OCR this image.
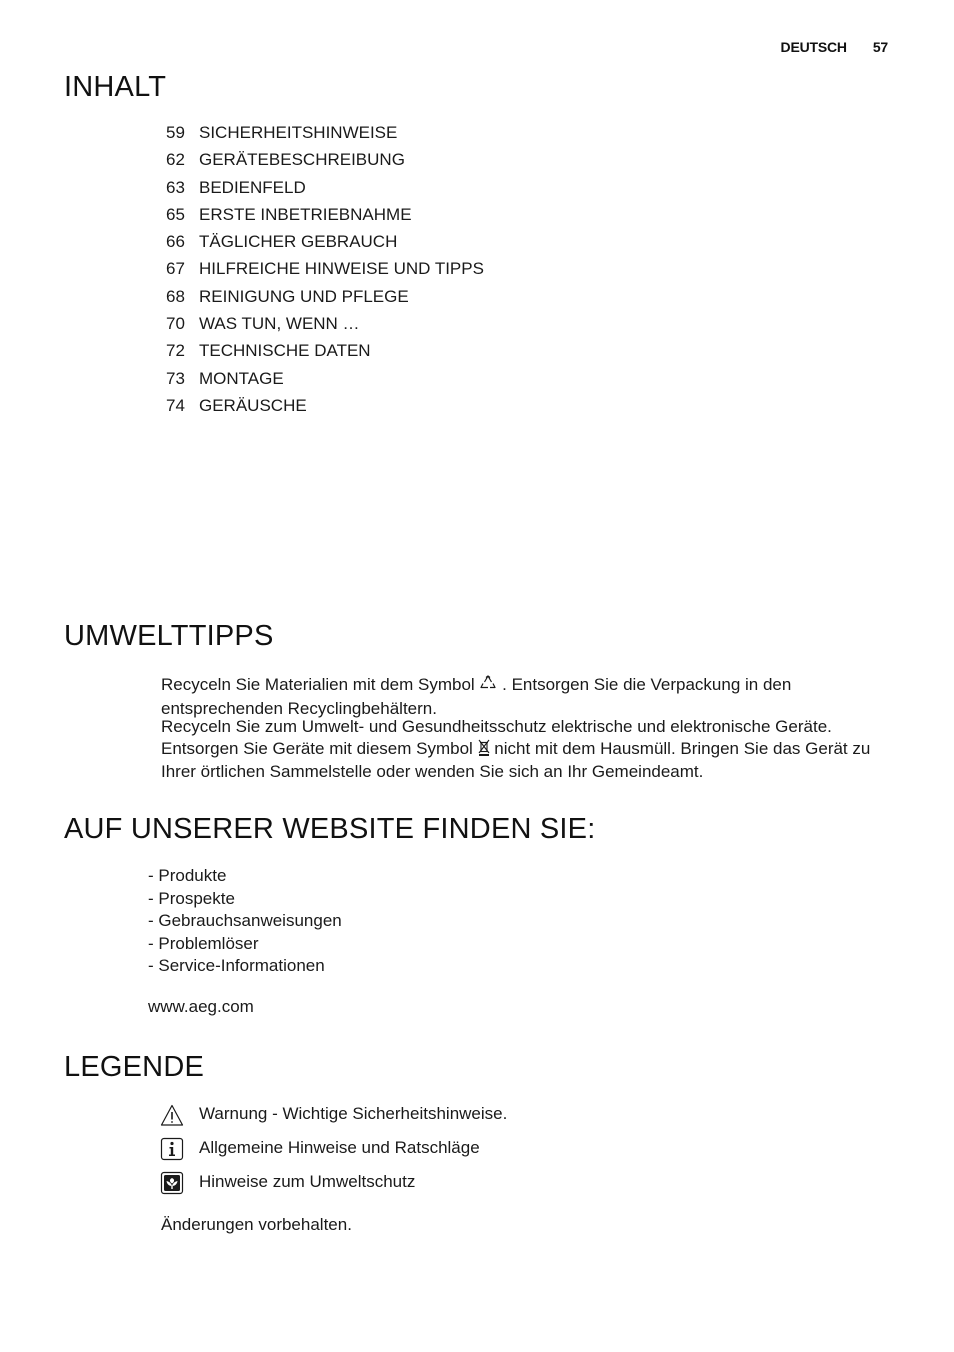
DEUTSCH 57
INHALT
59 SICHERHEITSHINWEISE
62 GERÄTEBESCHREIBUNG
63 BEDIENFELD
65 ERSTE INBETRIEBNAHME
66 TÄGLICHER GEBRAUCH
67 HILFREICHE HINWEISE UND TIPPS
68 REINIGUNG UND PFLEGE
70 WAS TUN, WENN …
72 TECHNISCHE DATEN
73 MONTAGE
74 GERÄUSCHE
UMWELTTIPPS

Recyceln Sie Materialien mit dem Symbol . Entsorgen Sie die Verpackung in den entsprechenden Recyclingbehältern.

Recyceln Sie zum Umwelt- und Gesundheitsschutz elektrische und elektronische Geräte. Entsorgen Sie Geräte mit diesem Symbol nicht mit dem Hausmüll. Bringen Sie das Gerät zu Ihrer örtlichen Sammelstelle oder wenden Sie sich an Ihr Gemeindeamt.

AUF UNSERER WEBSITE FINDEN SIE:
- Produkte
- Prospekte
- Gebrauchsanweisungen
- Problemlöser
- Service-Informationen
www.aeg.com
LEGENDE
Warnung - Wichtige Sicherheitshinweise.
Allgemeine Hinweise und Ratschläge
Hinweise zum Umweltschutz
Änderungen vorbehalten.
